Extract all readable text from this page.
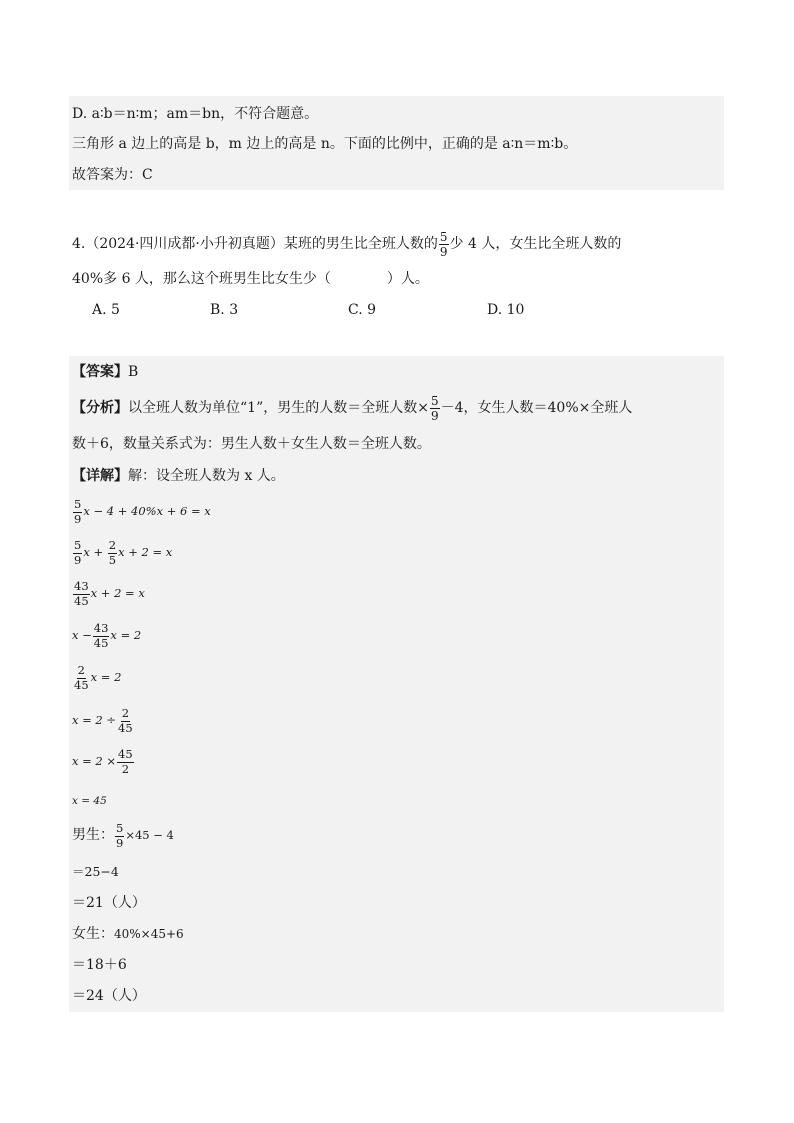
D. a∶b＝n∶m；am＝bn，不符合题意。
三角形 a 边上的高是 b，m 边上的高是 n。下面的比例中，正确的是 a∶n＝m∶b。
故答案为：C
4.（2024·四川成都·小升初真题）某班的男生比全班人数的 $\frac{5}{9}$ 少 4 人，女生比全班人数的
40%多 6 人，那么这个班男生比女生少（　　　　）人。
A. 5	B. 3	C. 9	D. 10
【答案】B
【分析】以全班人数为单位“1”，男生的人数＝全班人数× $\frac{5}{9} -4$，女生人数＝40%×全班人
数＋6，数量关系式为：男生人数＋女生人数＝全班人数。
【详解】解：设全班人数为 x 人。
$\frac{5}{9}$ x − 4 + 40%x + 6 = x
$\frac{5}{9}$ $x + \frac{2}{5}$ x + 2 = x
$\frac{43}{45}$ x + 2 = x
$x - \frac{43}{45}$ x = 2
$\frac{2}{45}$ x = 2
$x = 2 \div \frac{2}{45}$
$x = 2 \times \frac{45}{2}$
x = 45
男生： $\frac{5}{9} \times 45 - 4$
＝25−4
＝21（人）
女生：40%×45+6
＝18＋6
＝24（人）
